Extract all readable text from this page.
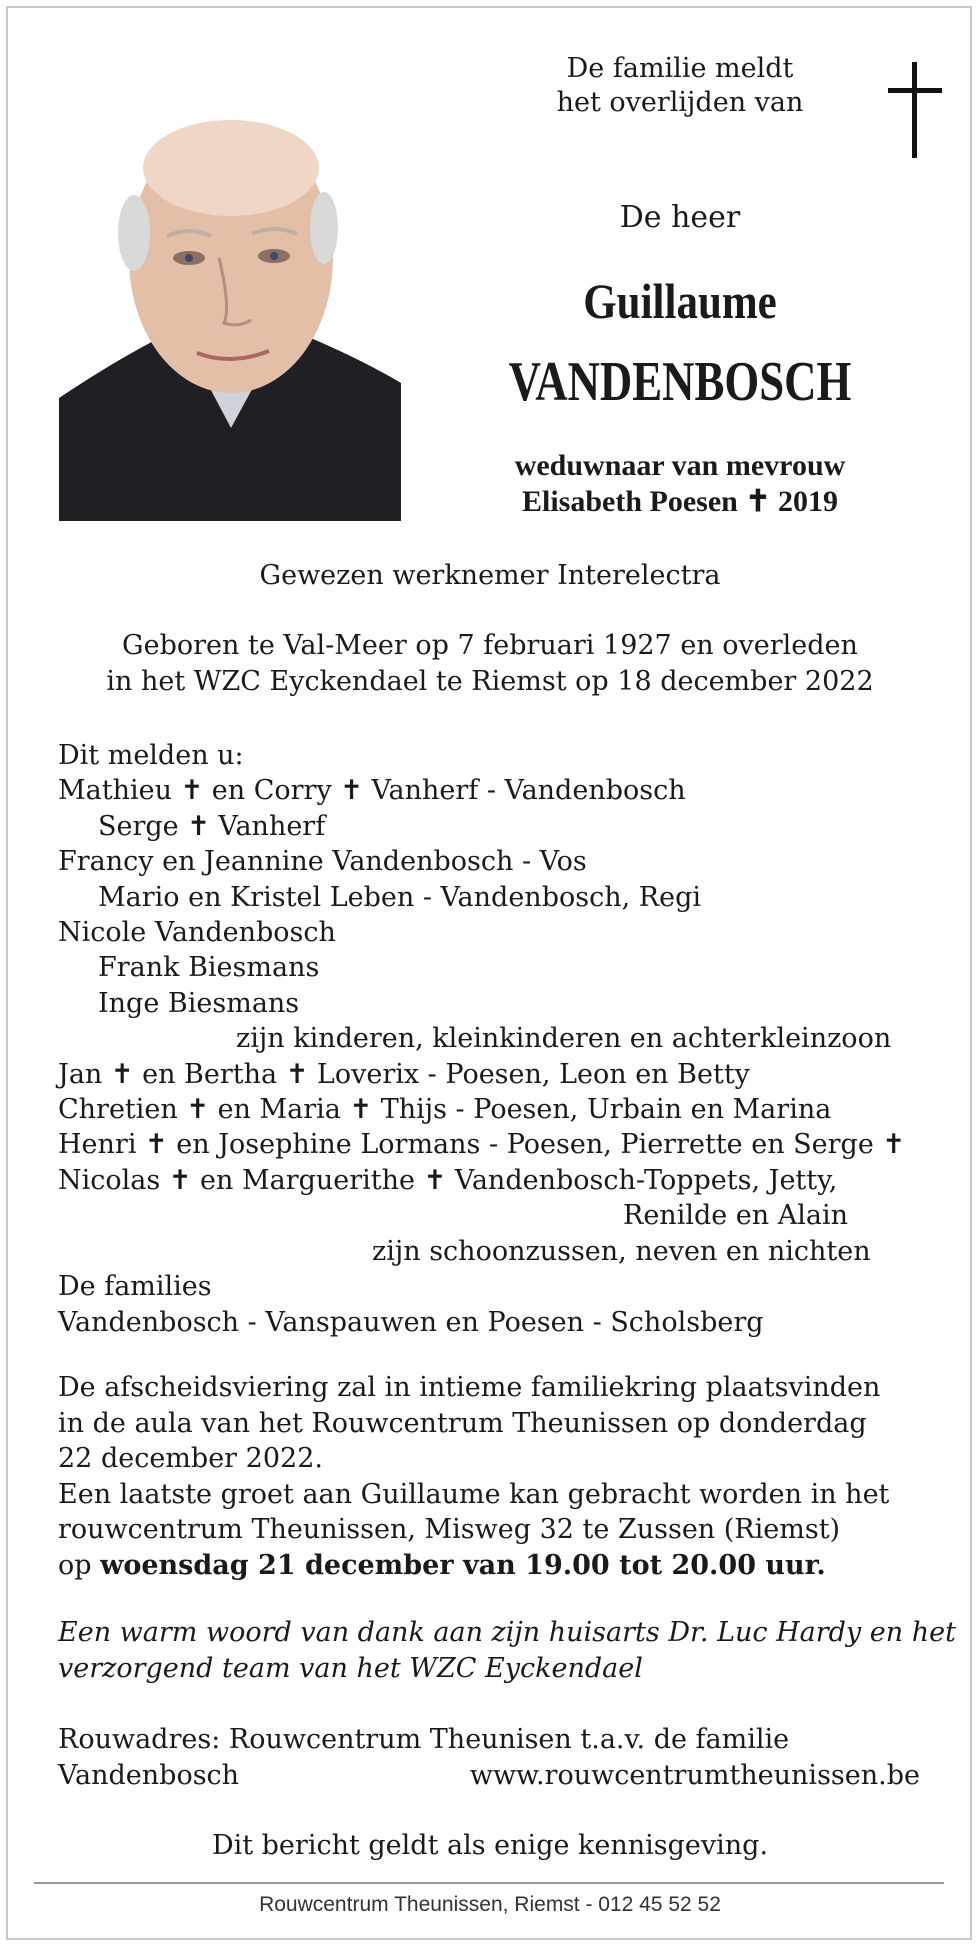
De familie meldt
het overlijden van
De heer
Guillaume
VANDENBOSCH
weduwnaar van mevrouw
Elisabeth Poesen ✝ 2019
Gewezen werknemer Interelectra
Geboren te Val-Meer op 7 februari 1927 en overleden
in het WZC Eyckendael te Riemst op 18 december 2022
Dit melden u:
Mathieu ✝ en Corry ✝ Vanherf - Vandenbosch
Serge ✝ Vanherf
Francy en Jeannine Vandenbosch - Vos
Mario en Kristel Leben - Vandenbosch, Regi
Nicole Vandenbosch
Frank Biesmans
Inge Biesmans
zijn kinderen, kleinkinderen en achterkleinzoon
Jan ✝ en Bertha ✝ Loverix - Poesen, Leon en Betty
Chretien ✝ en Maria ✝ Thijs - Poesen, Urbain en Marina
Henri ✝ en Josephine Lormans - Poesen, Pierrette en Serge ✝
Nicolas ✝ en Marguerithe ✝ Vandenbosch-Toppets, Jetty,
Renilde en Alain
zijn schoonzussen, neven en nichten
De families
Vandenbosch - Vanspauwen en Poesen - Scholsberg
De afscheidsviering zal in intieme familiekring plaatsvinden
in de aula van het Rouwcentrum Theunissen op donderdag
22 december 2022.
Een laatste groet aan Guillaume kan gebracht worden in het
rouwcentrum Theunissen, Misweg 32 te Zussen (Riemst)
op woensdag 21 december van 19.00 tot 20.00 uur.
Een warm woord van dank aan zijn huisarts Dr. Luc Hardy en het
verzorgend team van het WZC Eyckendael
Rouwadres: Rouwcentrum Theunisen t.a.v. de familie
Vandenbosch	www.rouwcentrumtheunissen.be
Dit bericht geldt als enige kennisgeving.
Rouwcentrum Theunissen, Riemst - 012 45 52 52
